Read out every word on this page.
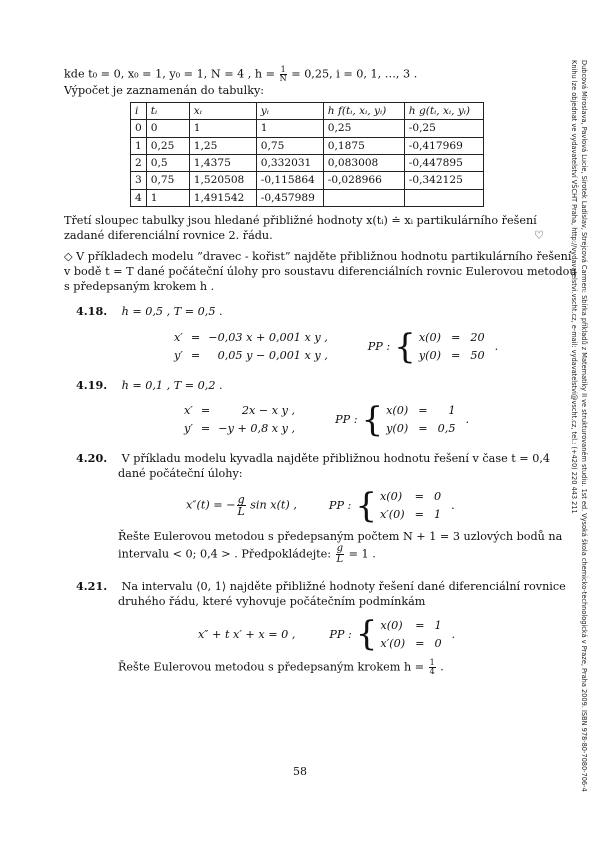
kde t₀ = 0, x₀ = 1, y₀ = 1, N = 4 , $h = \frac{1}{N} = 0,25$, i = 0, 1, …, 3 .
Výpočet je zaznamenán do tabulky:
i	tᵢ	xᵢ	yᵢ	h f(tᵢ, xᵢ, yᵢ)	h g(tᵢ, xᵢ, yᵢ)
0	0	1	1	0,25	-0,25
1	0,25	1,25	0,75	0,1875	-0,417969
2	0,5	1,4375	0,332031	0,083008	-0,447895
3	0,75	1,520508	-0,115864	-0,028966	-0,342125
4	1	1,491542	-0,457989		
Třetí sloupec tabulky jsou hledané přibližné hodnoty x(tᵢ) ≐ xᵢ partikulárního řešení
zadané diferenciální rovnice 2. řádu.	♡
◇ V příkladech modelu ”dravec - kořist” najděte přibližnou hodnotu partikulárního řešení
v bodě t = T dané počáteční úlohy pro soustavu diferenciálních rovnic Eulerovou metodou
s předepsaným krokem h .
4.18. h = 0,5 , T = 0,5 .
x′ = −0,03 x + 0,001 x y ,
y′ =	0,05 y − 0,001 x y ,
PP : { x(0) = 20
y(0) = 50
.
4.19. h = 0,1 , T = 0,2 .
x′ =	2x − x y ,
y′ = −y + 0,8 x y ,
PP : { x(0) =	1
y(0) = 0,5
.
4.20. V příkladu modelu kyvadla najděte přibližnou hodnotu řešení v čase t = 0,4
dané počáteční úlohy:
x″(t) = − $\frac{g}{L}$ sin x(t) ,	PP : { x(0) = 0
x′(0) = 1
.
Řešte Eulerovou metodou s předepsaným počtem N + 1 = 3 uzlových bodů na
intervalu < 0; 0,4 > . Předpokládejte: $\frac{g}{L} = 1$ .
4.21. Na intervalu ⟨0, 1⟩ najděte přibližné hodnoty řešení dané diferenciální rovnice
druhého řádu, které vyhovuje počátečním podmínkám
x″ + t x′ + x = 0 ,	PP : { x(0) = 1
x′(0) = 0
.
Řešte Eulerovou metodou s předepsaným krokem $h = \frac{1}{4}$ .
58	Dubcová Miroslava, Pavlová Lucie, Sirotek Ladislav, Strejcová Carmen: Sbírka příkladů z Matematiky II ve strukturovaném studiu. 1st ed. Vysoká škola chemicko-technologická v Praze, Praha 2009. ISBN 978-80-7080-706-4
Knihu lze objednat ve vydavatelství VŠCHT Praha, http://vydavatelstvi.vscht.cz, e-mail: vydavatelstvi@vscht.cz, tel.: (+420) 220 443 211
